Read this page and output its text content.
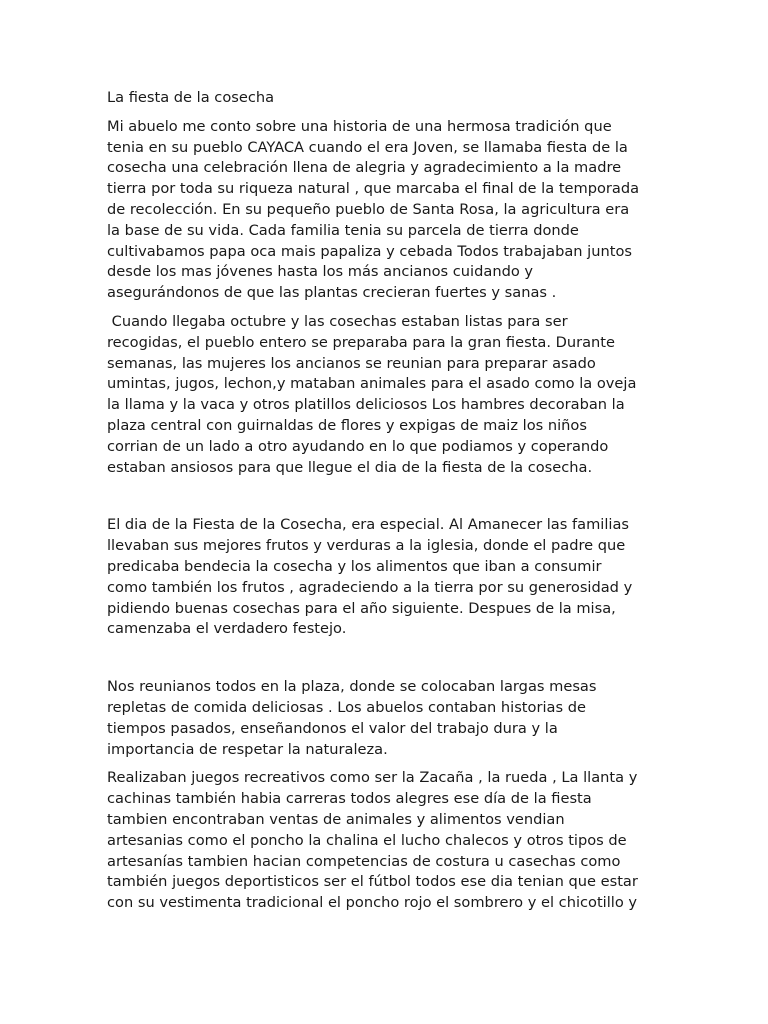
La fiesta de la cosecha

Mi abuelo me conto sobre una historia de una hermosa tradición que
tenia en su pueblo CAYACA cuando el era Joven, se llamaba fiesta de la
cosecha una celebración llena de alegria y agradecimiento a la madre
tierra por toda su riqueza natural , que marcaba el final de la temporada
de recolección. En su pequeño pueblo de Santa Rosa, la agricultura era
la base de su vida. Cada familia tenia su parcela de tierra donde
cultivabamos papa oca mais papaliza y cebada Todos trabajaban juntos
desde los mas jóvenes hasta los más ancianos cuidando y
asegurándonos de que las plantas crecieran fuertes y sanas .

Cuando llegaba octubre y las cosechas estaban listas para ser
recogidas, el pueblo entero se preparaba para la gran fiesta. Durante
semanas, las mujeres los ancianos se reunian para preparar asado
umintas, jugos, lechon,y mataban animales para el asado como la oveja
la llama y la vaca y otros platillos deliciosos Los hambres decoraban la
plaza central con guirnaldas de flores y expigas de maiz los niños
corrian de un lado a otro ayudando en lo que podiamos y coperando
estaban ansiosos para que llegue el dia de la fiesta de la cosecha.

El dia de la Fiesta de la Cosecha, era especial. Al Amanecer las familias
llevaban sus mejores frutos y verduras a la iglesia, donde el padre que
predicaba bendecia la cosecha y los alimentos que iban a consumir
como también los frutos , agradeciendo a la tierra por su generosidad y
pidiendo buenas cosechas para el año siguiente. Despues de la misa,
camenzaba el verdadero festejo.

Nos reunianos todos en la plaza, donde se colocaban largas mesas
repletas de comida deliciosas . Los abuelos contaban historias de
tiempos pasados, enseñandonos el valor del trabajo dura y la
importancia de respetar la naturaleza.

Realizaban juegos recreativos como ser la Zacaña , la rueda , La llanta y
cachinas también habia carreras todos alegres ese día de la fiesta
tambien encontraban ventas de animales y alimentos vendian
artesanias como el poncho la chalina el lucho chalecos y otros tipos de
artesanías tambien hacian competencias de costura u casechas como
también juegos deportisticos ser el fútbol todos ese dia tenian que estar
con su vestimenta tradicional el poncho rojo el sombrero y el chicotillo y
